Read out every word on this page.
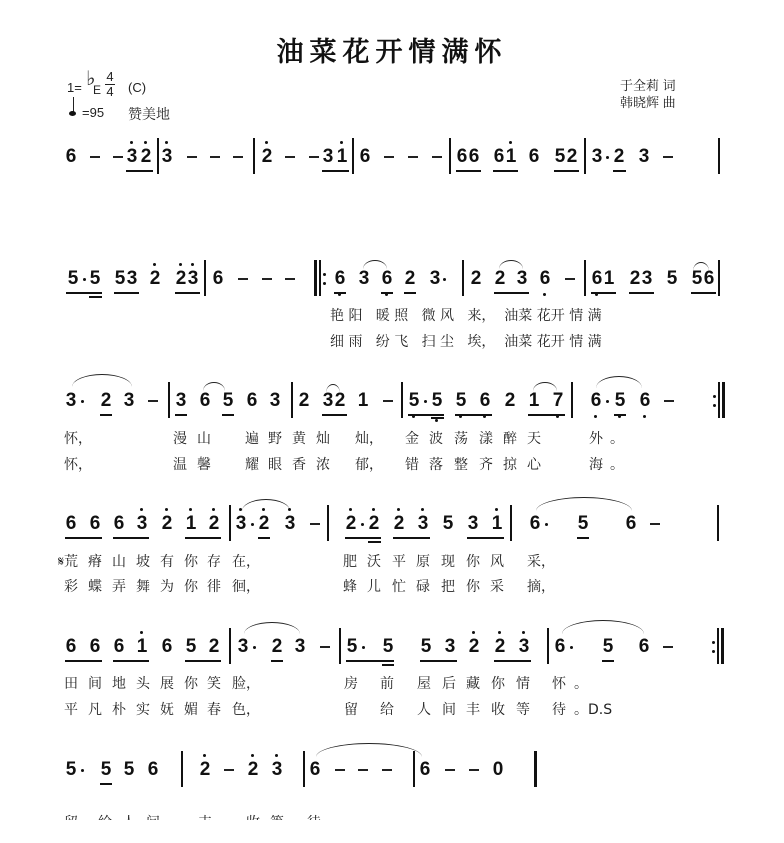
油菜花开情满怀
1= ♭
E
4
4 (C)
=95 赞美地
于全莉 词
韩晓辉 曲
6	3 2 3	2	3 1 6	6 6 6 1 6 5 2 3 2 3
5 5 5 3 2 2 3 6	6 3 6 2 3 2 2 3 6 6 1 2 3 5 5 6
艳 阳   暖 照   微 风   来，  油菜 花开 情 满
细 雨   纷 飞   扫 尘   埃，  油菜 花开 情 满
3 2 3 3 6 5 6 3 2 3 2 1 5 5 5 6 2 1 7 6 5 6
怀，	漫 山 遍 野 黄 灿 灿， 金 波 荡 漾 醉 天	外 。
怀，	温 馨 耀 眼 香 浓 郁， 错 落 整 齐 掠 心	海 。
6 6 6 3 2 1 2 3 2 3	2 2 2 3 5 3 1 6 5 6
𝄋荒 瘠 山 坡 有 你 存 在，	肥 沃 平 原 现 你 风 采，
彩 蝶 弄 舞 为 你 徘 徊，	蜂 儿 忙 碌 把 你 采 摘，
6 6 6 1 6 5 2 3 2 3 5 5 5 3 2 2 3 6 5 6
田 间 地 头 展 你 笑 脸，	房 前 屋 后 藏 你 情 怀 。
平 凡 朴 实 妩 媚 春 色，	留 给 人 间 丰 收 等 待 。D.S
5 5 5 6 2 2 3 6	6	0
